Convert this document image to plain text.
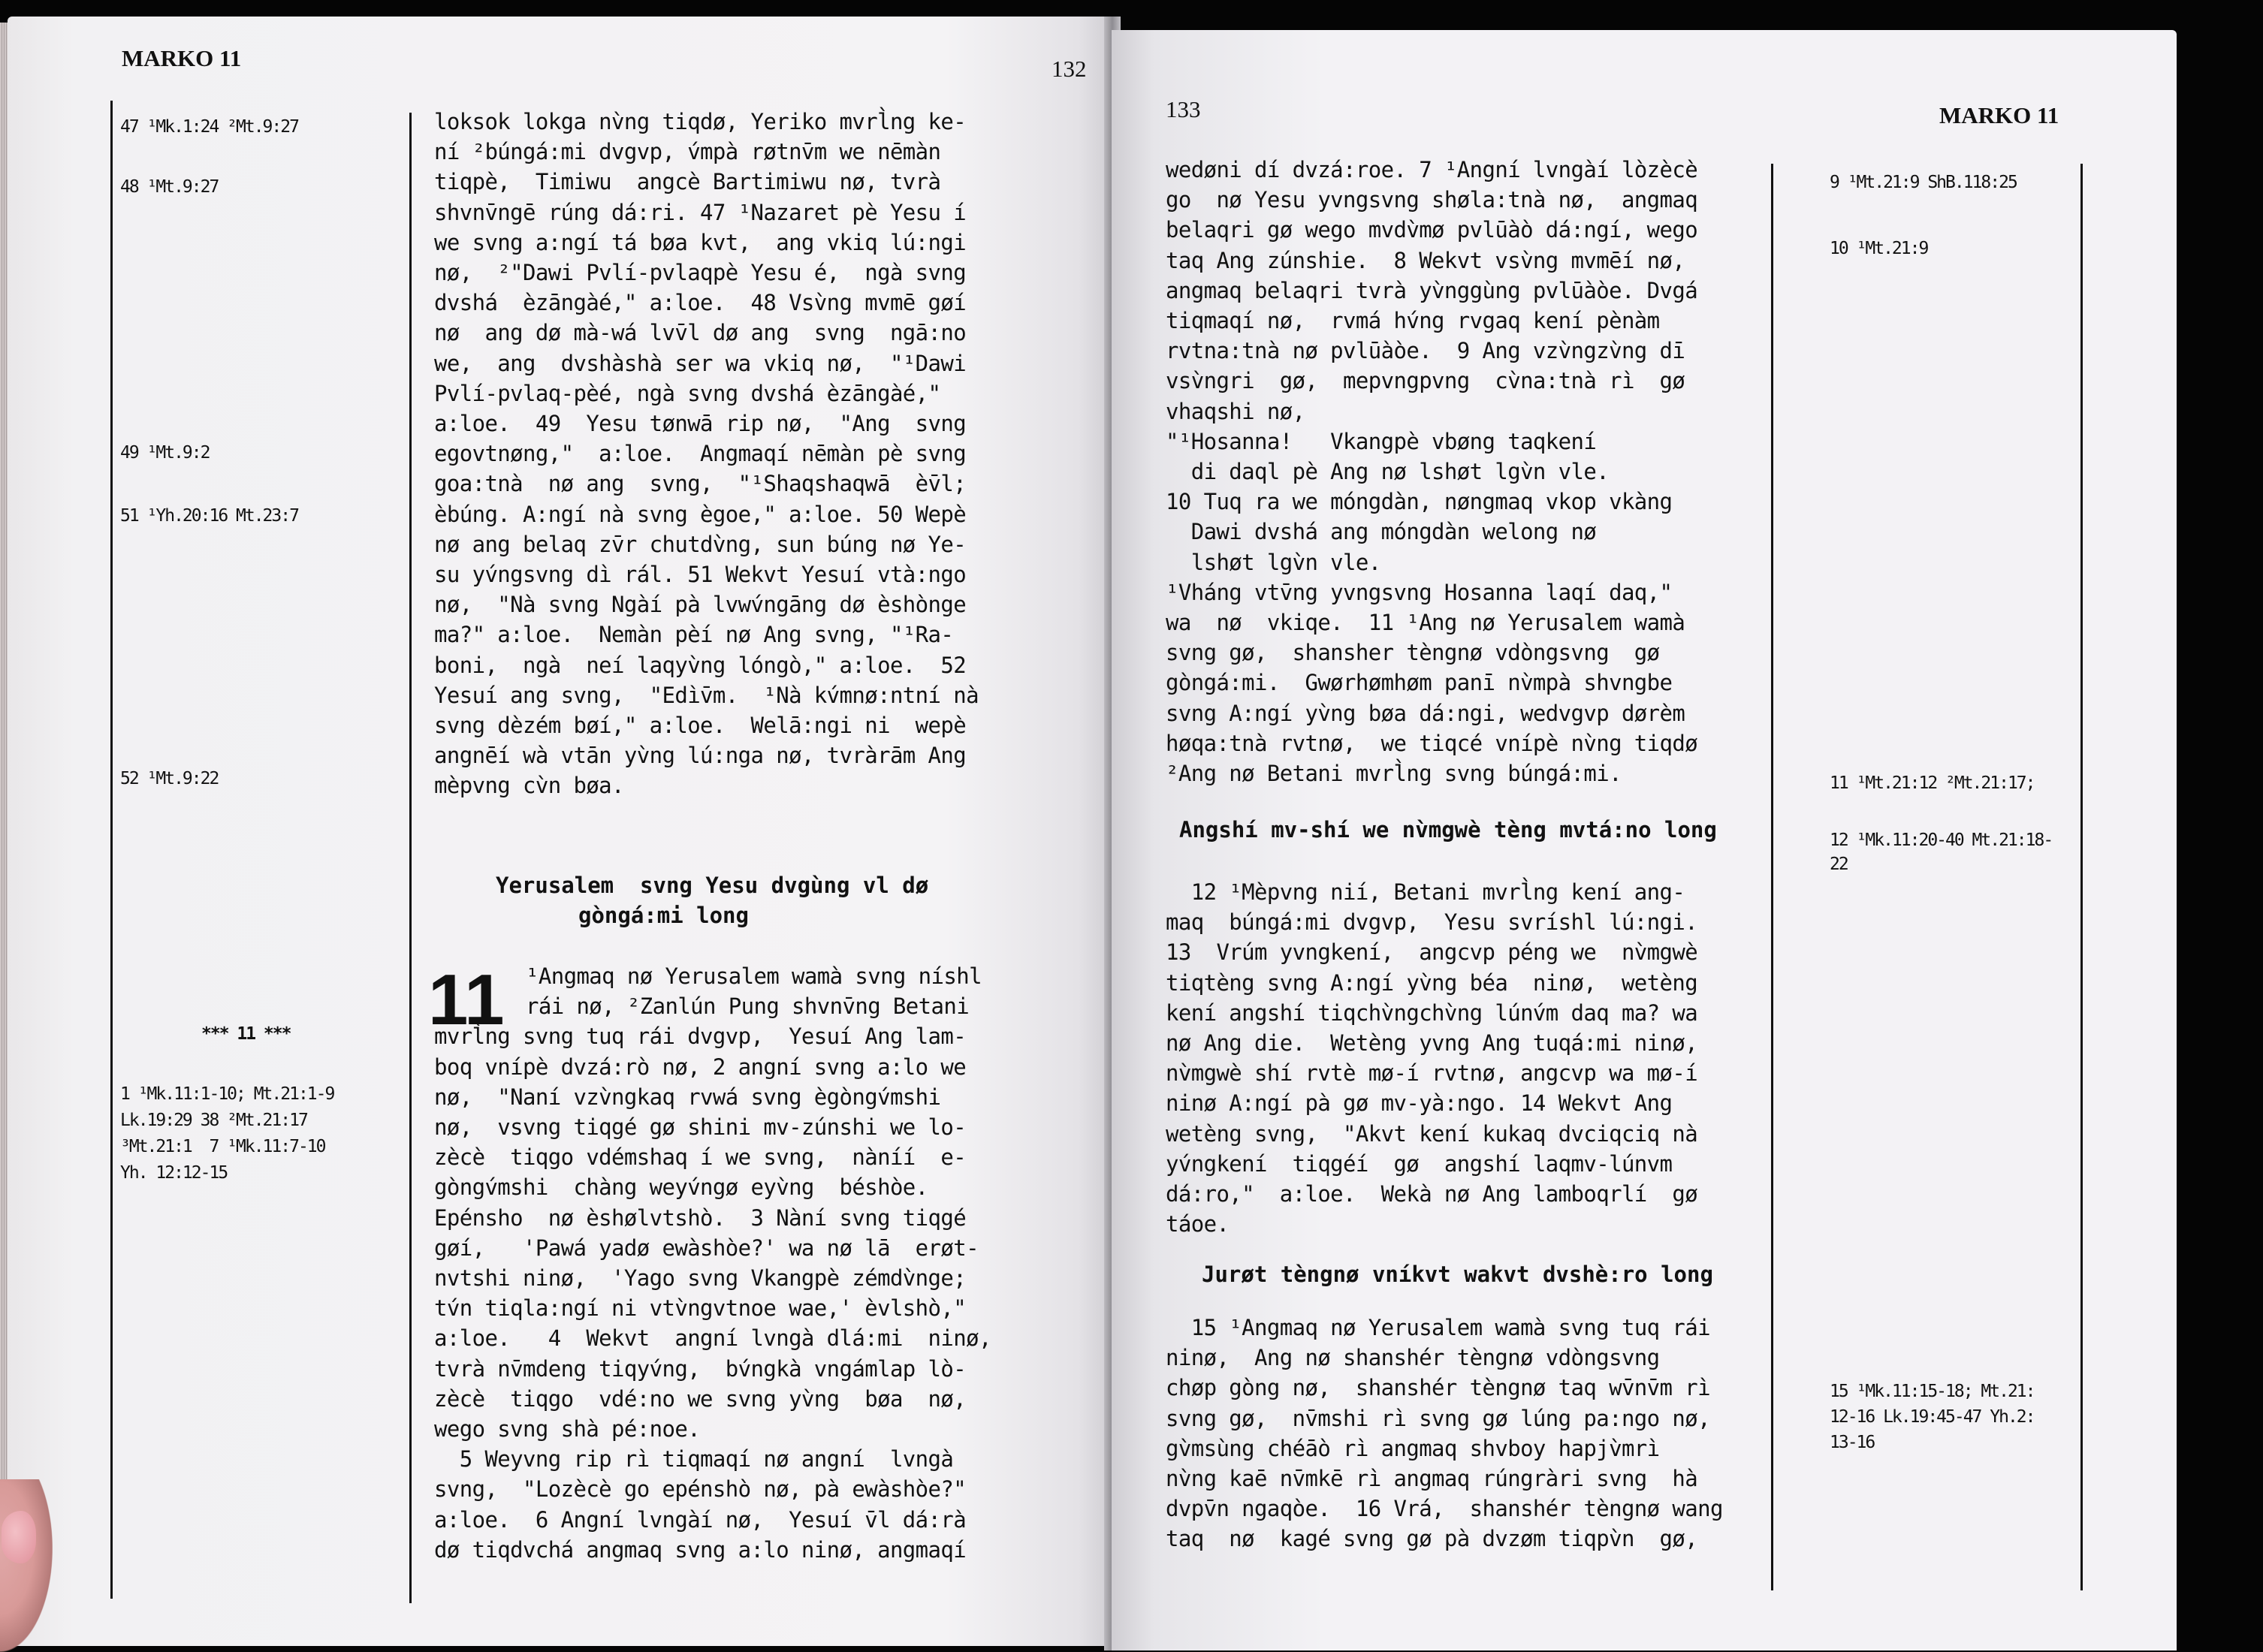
MARKO 11	132
47 ¹Mk.1:24 ²Mt.9:27
48 ¹Mt.9:27
49 ¹Mt.9:2
51 ¹Yh.20:16 Mt.23:7
52 ¹Mt.9:22
*** 11 ***
1 ¹Mk.11:1-10; Mt.21:1-9
Lk.19:29 38 ²Mt.21:17
³Mt.21:1  7 ¹Mk.11:7-10
Yh. 12:12-15
loksok lokga nv̀ng tiqdø, Yeriko mvrl̀ng ke-
ní ²búngá:mi dvgvp, v́mpà røtnv̄m we nēmàn
tiqpè,  Timiwu  angcè Bartimiwu nø, tvrà
shvnv̄ngē rúng dá:ri. 47 ¹Nazaret pè Yesu í
we svng a:ngí tá bøa kvt,  ang vkiq lú:ngi
nø,  ²"Dawi Pvlí-pvlaqpè Yesu é,  ngà svng
dvshá  èzāngàé," a:loe.  48 Vsv̀ng mvmē gøí
nø  ang dø mà-wá lvv̄l dø ang  svng  ngā:no
we,  ang  dvshàshà ser wa vkiq nø,  "¹Dawi
Pvlí-pvlaq-pèé, ngà svng dvshá èzāngàé,"
a:loe.  49  Yesu tønwā rip nø,  "Ang  svng
egovtnøng,"  a:loe.  Angmaqí nēmàn pè svng
goa:tnà  nø ang  svng,  "¹Shaqshaqwā  èv̄l;
èbúng. A:ngí nà svng ègoe," a:loe. 50 Wepè
nø ang belaq zv̄r chutdv̀ng, sun búng nø Ye-
su yv́ngsvng dì rál. 51 Wekvt Yesuí vtà:ngo
nø,  "Nà svng Ngàí pà lvwv́ngāng dø èshònge
ma?" a:loe.  Nemàn pèí nø Ang svng, "¹Ra-
boni,  ngà  neí laqyv̀ng lóngò," a:loe.  52
Yesuí ang svng,  "Edìv̄m.  ¹Nà kv́mnø:ntní nà
svng dèzém bøí," a:loe.  Welā:ngi ni  wepè
angnēí wà vtān yv̀ng lú:nga nø, tvràrām Ang
mèpvng cv̀n bøa.
Yerusalem  svng Yesu dvgùng vl dø
gòngá:mi long
11 ¹Angmaq nø Yerusalem wamà svng níshl
rái nø, ²Zanlún Pung shvnv̄ng Betani
mvrl̀ng svng tuq rái dvgvp,  Yesuí Ang lam-
boq vnípè dvzá:rò nø, 2 angní svng a:lo we
nø,  "Naní vzv̀ngkaq rvwá svng ègòngv́mshi
nø,  vsvng tiqgé gø shini mv-zúnshi we lo-
zècè  tiqgo vdémshaq í we svng,  nàníí  e-
gòngv́mshi  chàng weyv́ngø eyv̀ng  béshòe.
Epénsho  nø èshølvtshò.  3 Nàní svng tiqgé
gøí,   'Pawá yadø ewàshòe?' wa nø lā  erøt-
nvtshi ninø,  'Yago svng Vkangpè zémdv̀nge;
tv́n tiqla:ngí ni vtv̀ngvtnoe wae,' èvlshò,"
a:loe.   4  Wekvt  angní lvngà dlá:mi  ninø,
tvrà nv̄mdeng tiqyv́ng,  bv́ngkà vngámlap lò-
zècè  tiqgo  vdé:no we svng yv̀ng  bøa  nø,
wego svng shà pé:noe.
5 Weyvng rip rì tiqmaqí nø angní  lvngà
svng,  "Lozècè go epénshò nø, pà ewàshòe?"
a:loe.  6 Angní lvngàí nø,  Yesuí v̄l dá:rà
dø tiqdvchá angmaq svng a:lo ninø, angmaqí
133	MARKO 11
9 ¹Mt.21:9 ShB.118:25
10 ¹Mt.21:9
11 ¹Mt.21:12 ²Mt.21:17;
12 ¹Mk.11:20-40 Mt.21:18-
22
15 ¹Mk.11:15-18; Mt.21:
12-16 Lk.19:45-47 Yh.2:
13-16
wedøni dí dvzá:roe. 7 ¹Angní lvngàí lòzècè
go  nø Yesu yvngsvng shøla:tnà nø,  angmaq
belaqri gø wego mvdv̀mø pvlūàò dá:ngí, wego
taq Ang zúnshie.  8 Wekvt vsv̀ng mvmēí nø,
angmaq belaqri tvrà yv̀nggùng pvlūàòe. Dvgá
tiqmaqí nø,  rvmá hv́ng rvgaq kení pènàm
rvtna:tnà nø pvlūàòe.  9 Ang vzv̀ngzv̀ng dī
vsv̀ngri  gø,  mepvngpvng  cv̀na:tnà rì  gø
vhaqshi nø,
"¹Hosanna!   Vkangpè vbøng taqkení
di daql pè Ang nø lshøt lgv̀n vle.
10 Tuq ra we móngdàn, nøngmaq vkop vkàng
Dawi dvshá ang móngdàn welong nø
lshøt lgv̀n vle.
¹Vháng vtv̄ng yvngsvng Hosanna laqí daq,"
wa  nø  vkiqe.  11 ¹Ang nø Yerusalem wamà
svng gø,  shansher tèngnø vdòngsvng  gø
gòngá:mi.  Gwørhømhøm panī nv̀mpà shvngbe
svng A:ngí yv̀ng bøa dá:ngi, wedvgvp dørèm
høqa:tnà rvtnø,  we tiqcé vnípè nv̀ng tiqdø
²Ang nø Betani mvrl̀ng svng búngá:mi.
Angshí mv-shí we nv̀mgwè tèng mvtá:no long
12 ¹Mèpvng nií, Betani mvrl̀ng kení ang-
maq  búngá:mi dvgvp,  Yesu svríshl lú:ngi.
13  Vrúm yvngkení,  angcvp péng we  nv̀mgwè
tiqtèng svng A:ngí yv̀ng béa  ninø,  wetèng
kení angshí tiqchv̀ngchv̀ng lúnv́m daq ma? wa
nø Ang die.  Wetèng yvng Ang tuqá:mi ninø,
nv̀mgwè shí rvtè mø-í rvtnø, angcvp wa mø-í
ninø A:ngí pà gø mv-yà:ngo. 14 Wekvt Ang
wetèng svng,  "Akvt kení kukaq dvciqciq nà
yv́ngkení  tiqgéí  gø  angshí laqmv-lúnvm
dá:ro,"  a:loe.  Wekà nø Ang lamboqrlí  gø
táoe.
Jurøt tèngnø vníkvt wakvt dvshè:ro long
15 ¹Angmaq nø Yerusalem wamà svng tuq rái
ninø,  Ang nø shanshér tèngnø vdòngsvng
chøp gòng nø,  shanshér tèngnø taq wv̄nv̄m rì
svng gø,  nv̄mshi rì svng gø lúng pa:ngo nø,
gv̀msùng chéāò rì angmaq shvboy hapjv̀mrì
nv̀ng kaē nv̄mkē rì angmaq rúngràri svng  hà
dvpv̄n ngaqòe.  16 Vrá,  shanshér tèngnø wang
taq  nø  kagé svng gø pà dvzøm tiqpv̀n  gø,
